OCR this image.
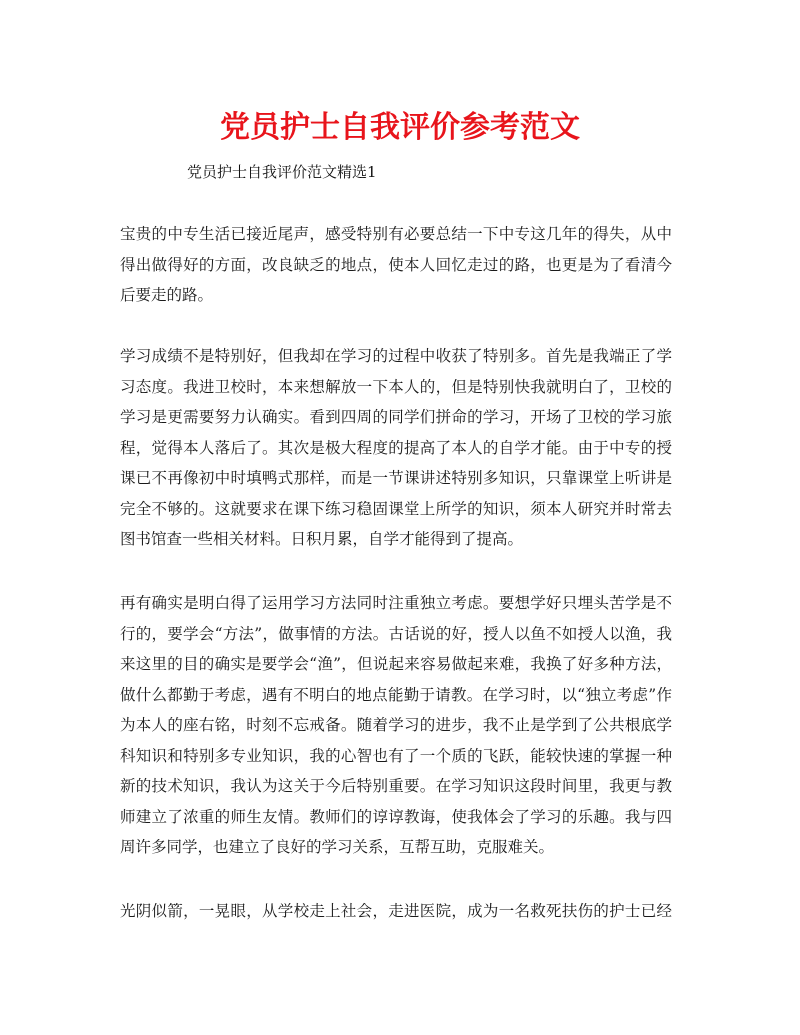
党员护士自我评价参考范文
党员护士自我评价范文精选1

宝贵的中专生活已接近尾声，感受特别有必要总结一下中专这几年的得失，从中
得出做得好的方面，改良缺乏的地点，使本人回忆走过的路，也更是为了看清今
后要走的路。

学习成绩不是特别好，但我却在学习的过程中收获了特别多。首先是我端正了学
习态度。我进卫校时，本来想解放一下本人的，但是特别快我就明白了，卫校的
学习是更需要努力认确实。看到四周的同学们拼命的学习，开场了卫校的学习旅
程，觉得本人落后了。其次是极大程度的提高了本人的自学才能。由于中专的授
课已不再像初中时填鸭式那样，而是一节课讲述特别多知识，只靠课堂上听讲是
完全不够的。这就要求在课下练习稳固课堂上所学的知识，须本人研究并时常去
图书馆查一些相关材料。日积月累，自学才能得到了提高。

再有确实是明白得了运用学习方法同时注重独立考虑。要想学好只埋头苦学是不
行的，要学会“方法”，做事情的方法。古话说的好，授人以鱼不如授人以渔，我
来这里的目的确实是要学会“渔”，但说起来容易做起来难，我换了好多种方法，
做什么都勤于考虑，遇有不明白的地点能勤于请教。在学习时，以“独立考虑”作
为本人的座右铭，时刻不忘戒备。随着学习的进步，我不止是学到了公共根底学
科知识和特别多专业知识，我的心智也有了一个质的飞跃，能较快速的掌握一种
新的技术知识，我认为这关于今后特别重要。在学习知识这段时间里，我更与教
师建立了浓重的师生友情。教师们的谆谆教诲，使我体会了学习的乐趣。我与四
周许多同学，也建立了良好的学习关系，互帮互助，克服难关。

光阴似箭，一晃眼，从学校走上社会，走进医院，成为一名救死扶伤的护士已经
